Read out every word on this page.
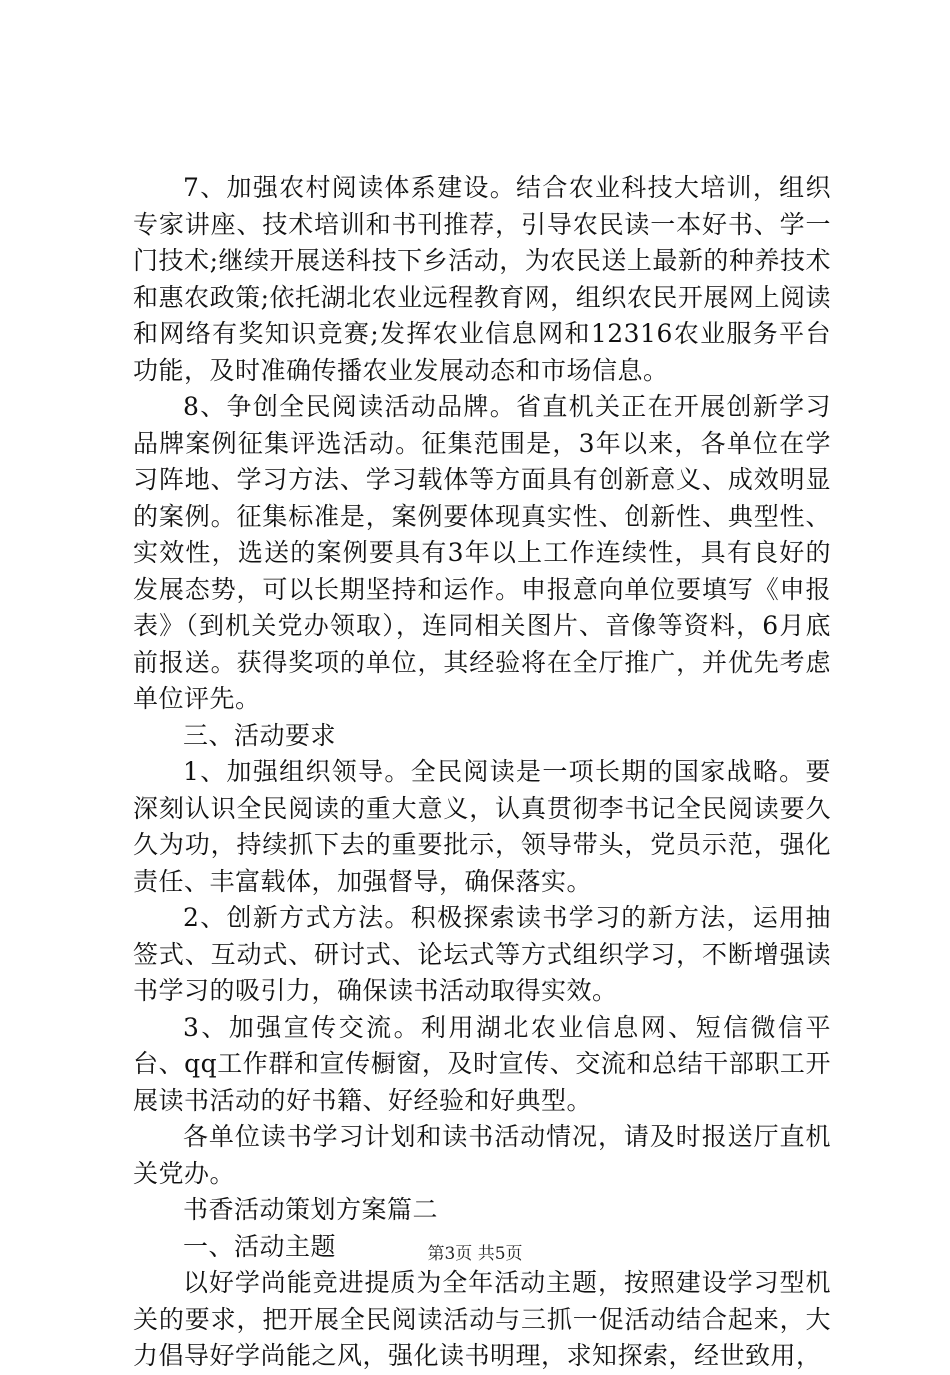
7、加强农村阅读体系建设。结合农业科技大培训，组织专家讲座、技术培训和书刊推荐，引导农民读一本好书、学一门技术;继续开展送科技下乡活动，为农民送上最新的种养技术和惠农政策;依托湖北农业远程教育网，组织农民开展网上阅读和网络有奖知识竞赛;发挥农业信息网和12316农业服务平台功能，及时准确传播农业发展动态和市场信息。

8、争创全民阅读活动品牌。省直机关正在开展创新学习品牌案例征集评选活动。征集范围是，3年以来，各单位在学习阵地、学习方法、学习载体等方面具有创新意义、成效明显的案例。征集标准是，案例要体现真实性、创新性、典型性、实效性，选送的案例要具有3年以上工作连续性，具有良好的发展态势，可以长期坚持和运作。申报意向单位要填写《申报表》（到机关党办领取），连同相关图片、音像等资料，6月底前报送。获得奖项的单位，其经验将在全厅推广，并优先考虑单位评先。

三、活动要求

1、加强组织领导。全民阅读是一项长期的国家战略。要深刻认识全民阅读的重大意义，认真贯彻李书记全民阅读要久久为功，持续抓下去的重要批示，领导带头，党员示范，强化责任、丰富载体，加强督导，确保落实。

2、创新方式方法。积极探索读书学习的新方法，运用抽签式、互动式、研讨式、论坛式等方式组织学习，不断增强读书学习的吸引力，确保读书活动取得实效。

3、加强宣传交流。利用湖北农业信息网、短信微信平台、qq工作群和宣传橱窗，及时宣传、交流和总结干部职工开展读书活动的好书籍、好经验和好典型。

各单位读书学习计划和读书活动情况，请及时报送厅直机关党办。

书香活动策划方案篇二

一、活动主题

以好学尚能竞进提质为全年活动主题，按照建设学习型机关的要求，把开展全民阅读活动与三抓一促活动结合起来，大力倡导好学尚能之风，强化读书明理，求知探索，经世致用，

第3页 共5页
